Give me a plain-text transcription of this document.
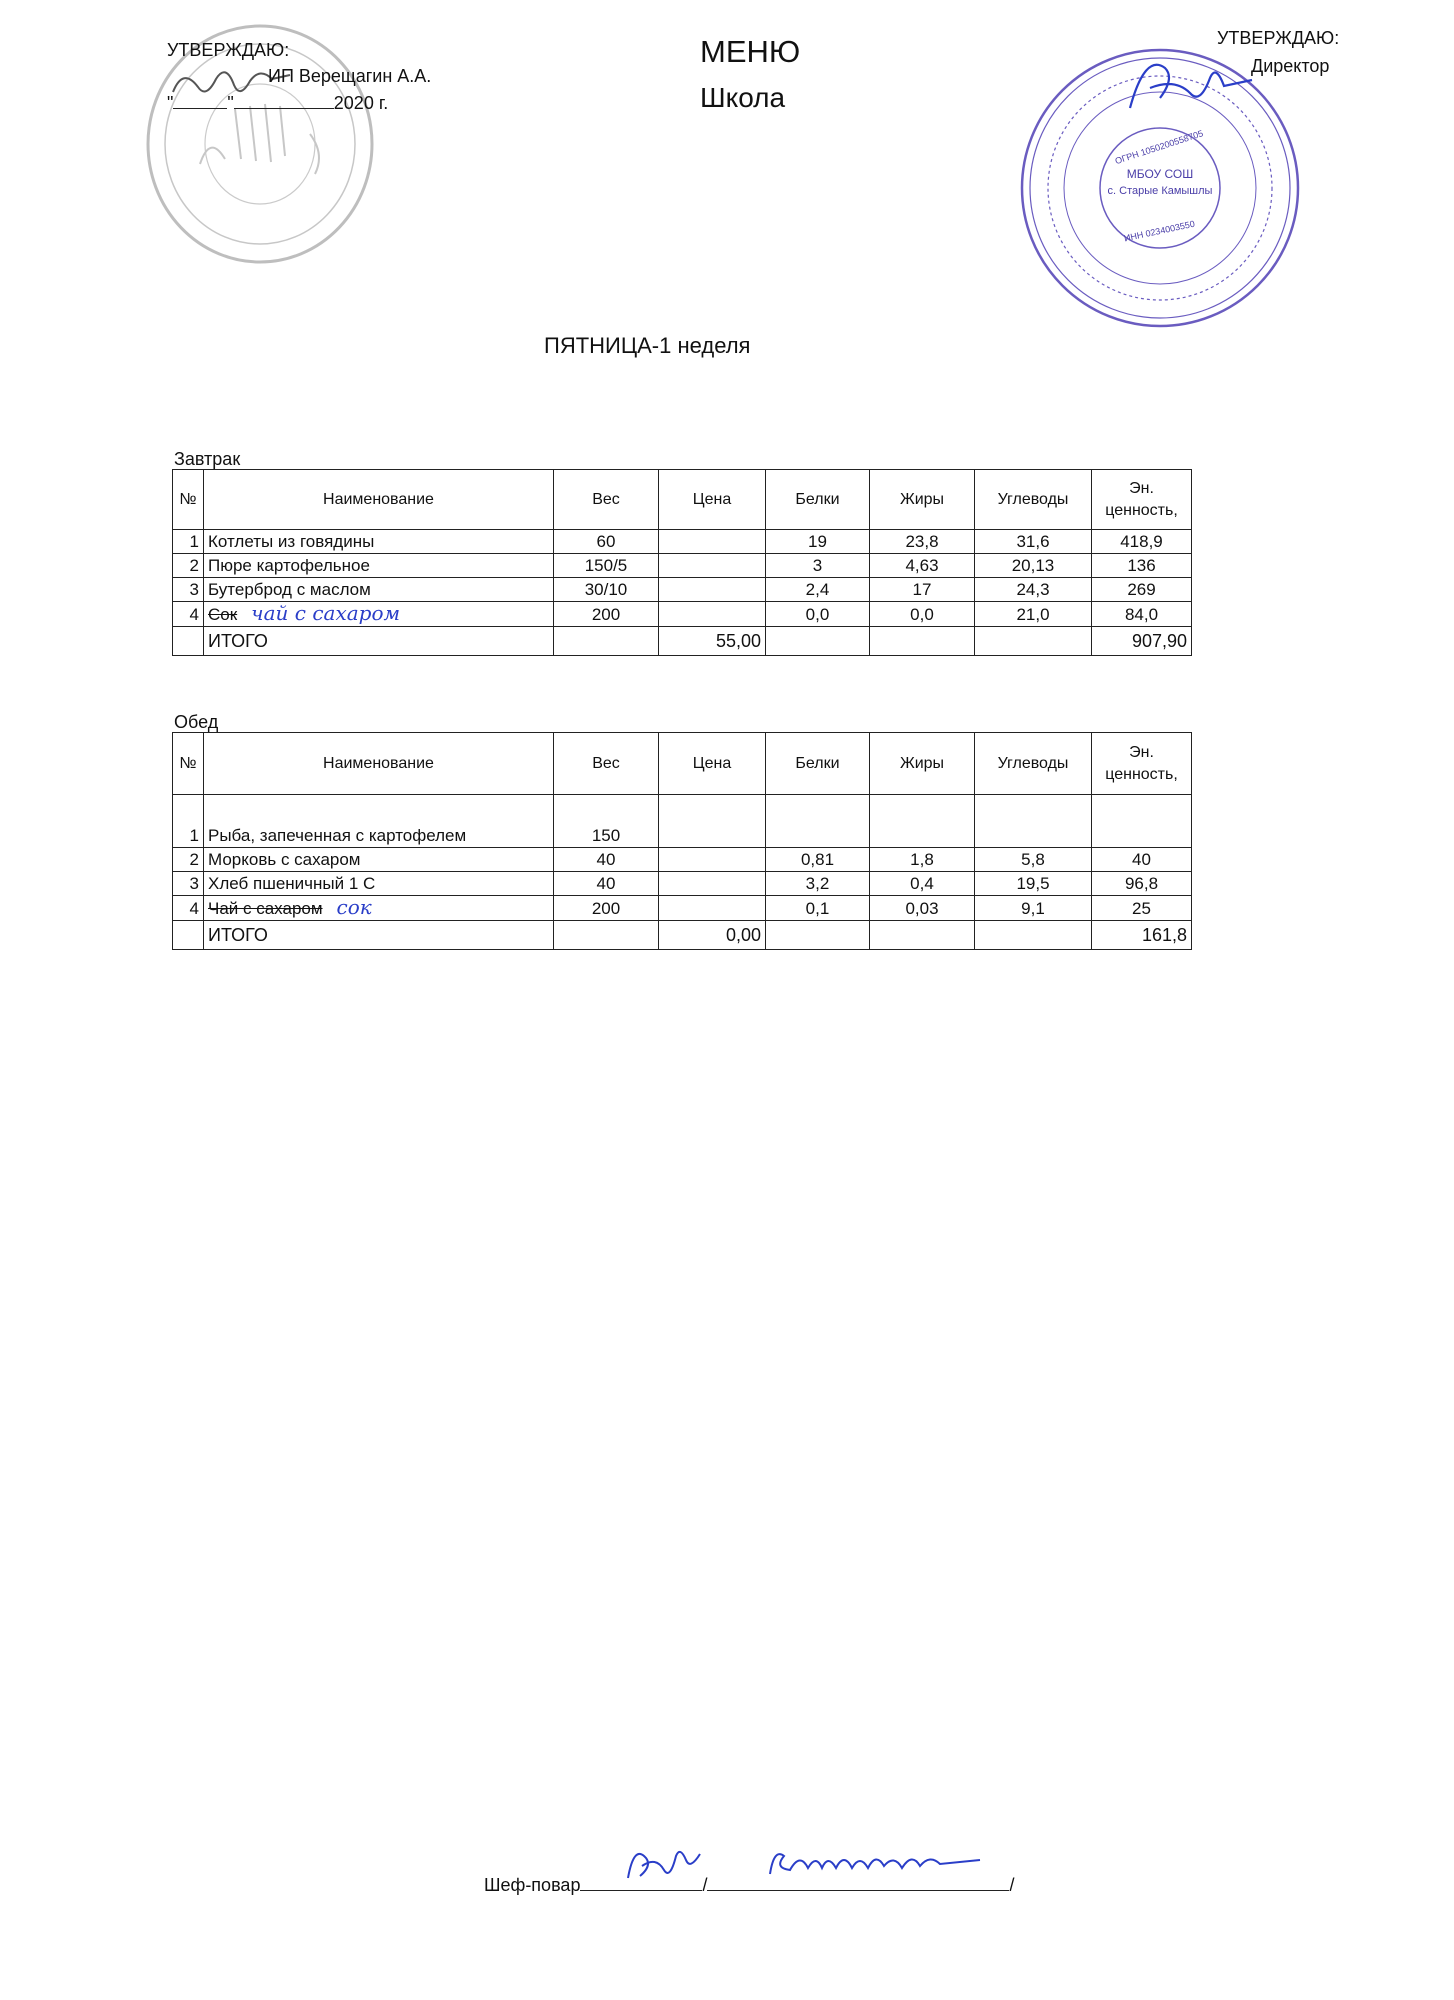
УТВЕРЖДАЮ:
ИП Верещагин А.А.
"	"	2020 г.
МЕНЮ
Школа
УТВЕРЖДАЮ:
Директор
МБОУ СОШ
с. Старые Камышлы
ОГРН 1050200558705
ИНН 0234003550
ПЯТНИЦА-1 неделя
Завтрак
№	Наименование	Вес	Цена	Белки	Жиры	Углеводы	Эн.
ценность,
1	Котлеты из говядины	60		19	23,8	31,6	418,9
2	Пюре картофельное	150/5		3	4,63	20,13	136
3	Бутерброд с маслом	30/10		2,4	17	24,3	269
4	Сок чай с сахаром	200		0,0	0,0	21,0	84,0
	ИТОГО		55,00				907,90
Обед
№	Наименование	Вес	Цена	Белки	Жиры	Углеводы	Эн.
ценность,
1	Рыба, запеченная с картофелем	150					
2	Морковь с сахаром	40		0,81	1,8	5,8	40
3	Хлеб пшеничный 1 С	40		3,2	0,4	19,5	96,8
4	Чай с сахаром сок	200		0,1	0,03	9,1	25
	ИТОГО		0,00				161,8
Шеф-повар	/	/
